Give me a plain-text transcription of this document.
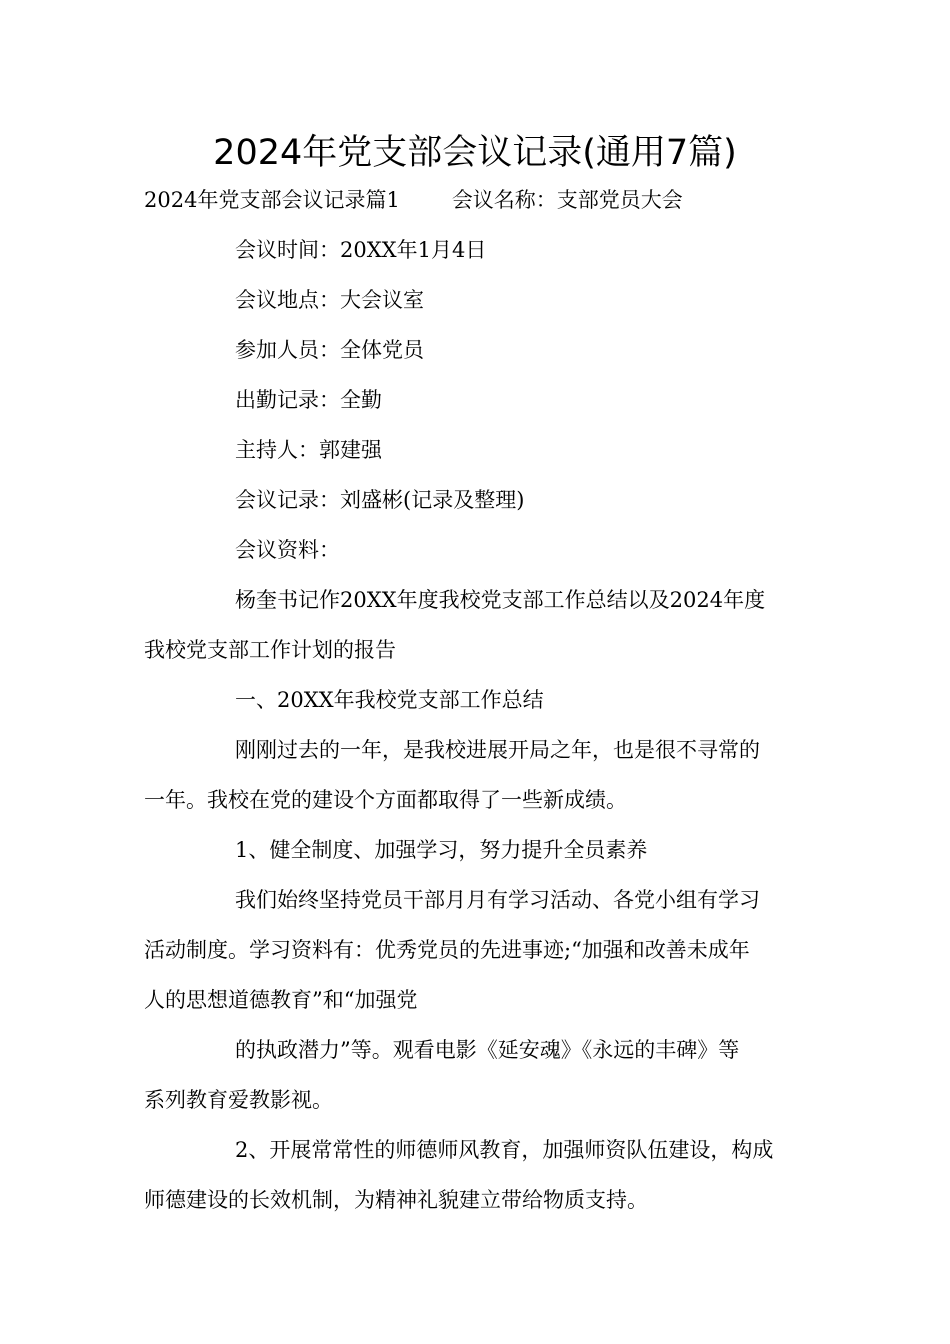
2024年党支部会议记录(通用7篇)
2024年党支部会议记录篇1 会议名称：支部党员大会
会议时间：20XX年1月4日
会议地点：大会议室
参加人员：全体党员
出勤记录：全勤
主持人：郭建强
会议记录：刘盛彬(记录及整理)
会议资料：
杨奎书记作20XX年度我校党支部工作总结以及2024年度
我校党支部工作计划的报告
一、20XX年我校党支部工作总结
刚刚过去的一年，是我校进展开局之年，也是很不寻常的
一年。我校在党的建设个方面都取得了一些新成绩。
1、健全制度、加强学习，努力提升全员素养
我们始终坚持党员干部月月有学习活动、各党小组有学习
活动制度。学习资料有：优秀党员的先进事迹;“加强和改善未成年
人的思想道德教育”和“加强党
的执政潜力”等。观看电影《延安魂》《永远的丰碑》等
系列教育爱教影视。
2、开展常常性的师德师风教育，加强师资队伍建设，构成
师德建设的长效机制，为精神礼貌建立带给物质支持。
